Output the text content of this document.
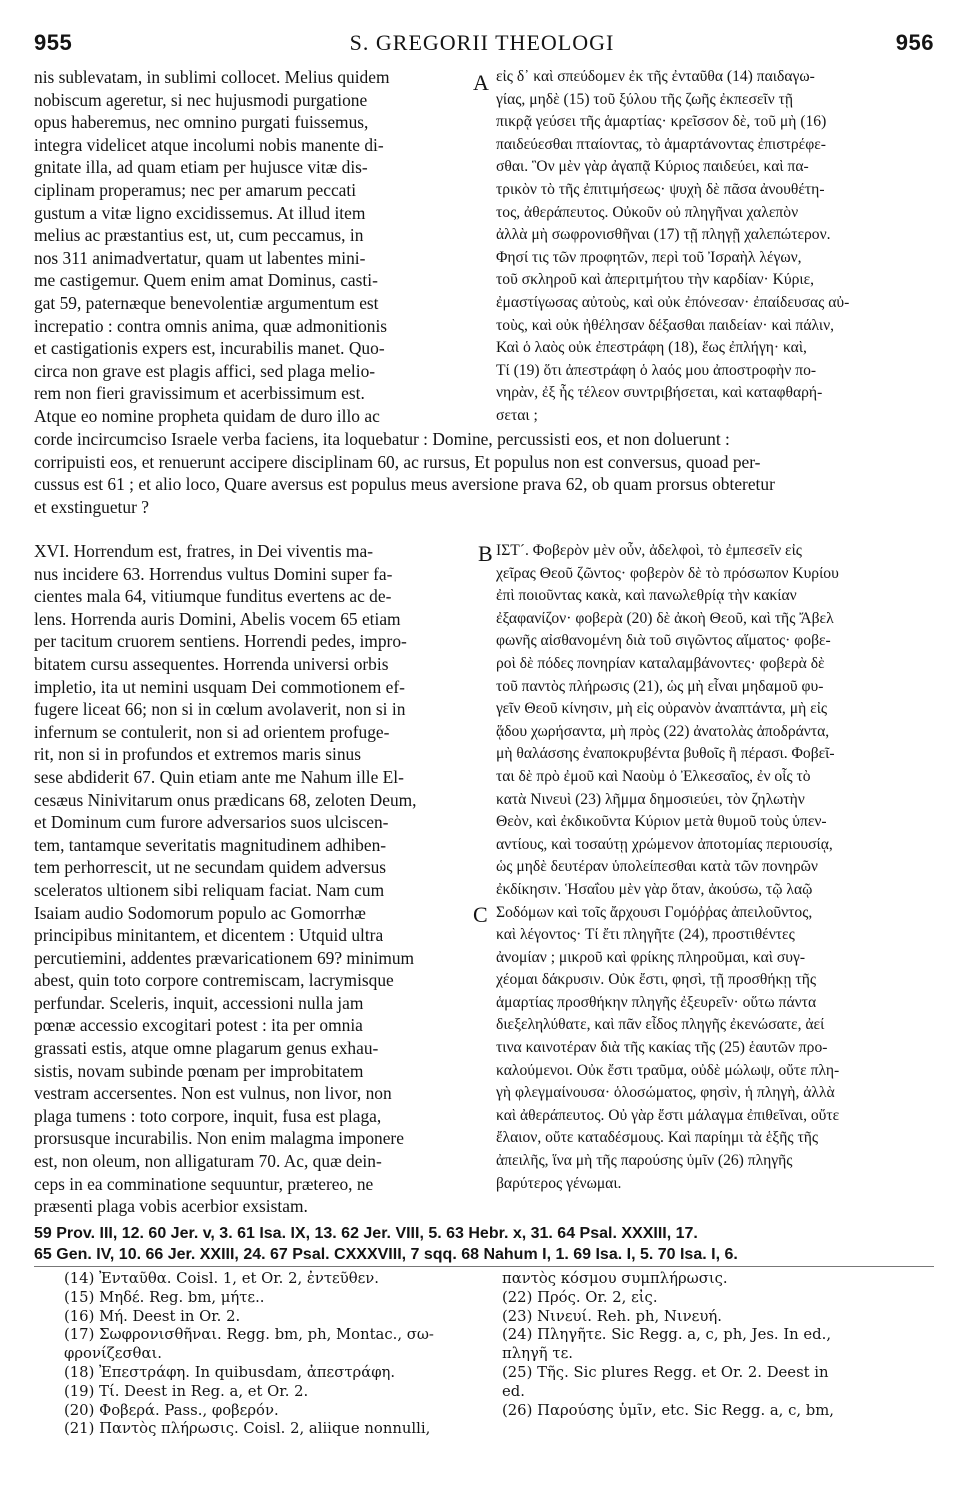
955	S. GREGORII THEOLOGI	956
nis sublevatam, in sublimi collocet. Melius quidem
nobiscum ageretur, si nec hujusmodi purgatione
opus haberemus, nec omnino purgati fuissemus,
integra videlicet atque incolumi nobis manente di-
gnitate illa, ad quam etiam per hujusce vitæ dis-
ciplinam properamus; nec per amarum peccati
gustum a vitæ ligno excidissemus. At illud item
melius ac præstantius est, ut, cum peccamus, in
nos 311 animadvertatur, quam ut labentes mini-
me castigemur. Quem enim amat Dominus, casti-
gat 59, paternæque benevolentiæ argumentum est
increpatio : contra omnis anima, quæ admonitionis
et castigationis expers est, incurabilis manet. Quo-
circa non grave est plagis affici, sed plaga melio-
rem non fieri gravissimum et acerbissimum est.
Atque eo nomine propheta quidam de duro illo ac
εἰς δ᾽ καὶ σπεύδομεν ἐκ τῆς ἐνταῦθα (14) παιδαγω-
γίας, μηδὲ (15) τοῦ ξύλου τῆς ζωῆς ἐκπεσεῖν τῇ
πικρᾷ γεύσει τῆς ἁμαρτίας· κρεῖσσον δὲ, τοῦ μὴ (16)
παιδεύεσθαι πταίοντας, τὸ ἁμαρτάνοντας ἐπιστρέφε-
σθαι. Ὃν μὲν γὰρ ἀγαπᾷ Κύριος παιδεύει, καὶ πα-
τρικὸν τὸ τῆς ἐπιτιμήσεως· ψυχὴ δὲ πᾶσα ἀνουθέτη-
τος, ἀθεράπευτος. Οὐκοῦν οὐ πληγῆναι χαλεπὸν
ἀλλὰ μὴ σωφρονισθῆναι (17) τῇ πληγῇ χαλεπώτερον.
Φησί τις τῶν προφητῶν, περὶ τοῦ Ἰσραὴλ λέγων,
τοῦ σκληροῦ καὶ ἀπεριτμήτου τὴν καρδίαν· Κύριε,
ἐμαστίγωσας αὐτοὺς, καὶ οὐκ ἐπόνεσαν· ἐπαίδευσας αὐ-
τοὺς, καὶ οὐκ ἠθέλησαν δέξασθαι παιδείαν· καὶ πάλιν,
Καὶ ὁ λαὸς οὐκ ἐπεστράφη (18), ἕως ἐπλήγη· καὶ,
Τί (19) ὅτι ἀπεστράφη ὁ λαός μου ἀποστροφὴν πο-
νηρὰν, ἐξ ἧς τέλεον συντριβήσεται, καὶ καταφθαρή-
σεται ;
A
corde incircumciso Israele verba faciens, ita loquebatur : Domine, percussisti eos, et non doluerunt :
corripuisti eos, et renuerunt accipere disciplinam 60, ac rursus, Et populus non est conversus, quoad per-
cussus est 61 ; et alio loco, Quare aversus est populus meus aversione prava 62, ob quam prorsus obteretur
et exstinguetur ?
XVI. Horrendum est, fratres, in Dei viventis ma-
nus incidere 63. Horrendus vultus Domini super fa-
cientes mala 64, vitiumque funditus evertens ac de-
lens. Horrenda auris Domini, Abelis vocem 65 etiam
per tacitum cruorem sentiens. Horrendi pedes, impro-
bitatem cursu assequentes. Horrenda universi orbis
impletio, ita ut nemini usquam Dei commotionem ef-
fugere liceat 66; non si in cœlum avolaverit, non si in
infernum se contulerit, non si ad orientem profuge-
rit, non si in profundos et extremos maris sinus
sese abdiderit 67. Quin etiam ante me Nahum ille El-
cesæus Ninivitarum onus prædicans 68, zeloten Deum,
et Dominum cum furore adversarios suos ulciscen-
tem, tantamque severitatis magnitudinem adhiben-
tem perhorrescit, ut ne secundam quidem adversus
sceleratos ultionem sibi reliquam faciat. Nam cum
Isaiam audio Sodomorum populo ac Gomorrhæ
principibus minitantem, et dicentem : Utquid ultra
percutiemini, addentes prævaricationem 69? minimum
abest, quin toto corpore contremiscam, lacrymisque
perfundar. Sceleris, inquit, accessioni nulla jam
pœnæ accessio excogitari potest : ita per omnia
grassati estis, atque omne plagarum genus exhau-
sistis, novam subinde pœnam per improbitatem
vestram accersentes. Non est vulnus, non livor, non
plaga tumens : toto corpore, inquit, fusa est plaga,
prorsusque incurabilis. Non enim malagma imponere
est, non oleum, non alligaturam 70. Ac, quæ dein-
ceps in ea comminatione sequuntur, prætereo, ne
præsenti plaga vobis acerbior exsistam.
ΙΣΤ´. Φοβερὸν μὲν οὖν, ἀδελφοὶ, τὸ ἐμπεσεῖν εἰς
χεῖρας Θεοῦ ζῶντος· φοβερὸν δὲ τὸ πρόσωπον Κυρίου
ἐπὶ ποιοῦντας κακὰ, καὶ πανωλεθρίᾳ τὴν κακίαν
ἐξαφανίζον· φοβερὰ (20) δὲ ἀκοὴ Θεοῦ, καὶ τῆς Ἄβελ
φωνῆς αἰσθανομένη διὰ τοῦ σιγῶντος αἵματος· φοβε-
ροὶ δὲ πόδες πονηρίαν καταλαμβάνοντες· φοβερὰ δὲ
τοῦ παντὸς πλήρωσις (21), ὡς μὴ εἶναι μηδαμοῦ φυ-
γεῖν Θεοῦ κίνησιν, μὴ εἰς οὐρανὸν ἀναπτάντα, μὴ εἰς
ᾅδου χωρήσαντα, μὴ πρὸς (22) ἀνατολὰς ἀποδράντα,
μὴ θαλάσσης ἐναποκρυβέντα βυθοῖς ἢ πέρασι. Φοβεῖ-
ται δὲ πρὸ ἐμοῦ καὶ Ναοὺμ ὁ Ἐλκεσαῖος, ἐν οἷς τὸ
κατὰ Νινευὶ (23) λῆμμα δημοσιεύει, τὸν ζηλωτὴν
Θεὸν, καὶ ἐκδικοῦντα Κύριον μετὰ θυμοῦ τοὺς ὑπεν-
αντίους, καὶ τοσαύτῃ χρώμενον ἀποτομίας περιουσίᾳ,
ὡς μηδὲ δευτέραν ὑπολείπεσθαι κατὰ τῶν πονηρῶν
ἐκδίκησιν. Ἡσαΐου μὲν γὰρ ὅταν, ἀκούσω, τῷ λαῷ
Σοδόμων καὶ τοῖς ἄρχουσι Γομόῤῥας ἀπειλοῦντος,
καὶ λέγοντος· Τί ἔτι πληγῆτε (24), προστιθέντες
ἀνομίαν ; μικροῦ καὶ φρίκης πληροῦμαι, καὶ συγ-
χέομαι δάκρυσιν. Οὐκ ἔστι, φησὶ, τῇ προσθήκῃ τῆς
ἁμαρτίας προσθήκην πληγῆς ἐξευρεῖν· οὕτω πάντα
διεξεληλύθατε, καὶ πᾶν εἶδος πληγῆς ἐκενώσατε, ἀεί
τινα καινοτέραν διὰ τῆς κακίας τῆς (25) ἑαυτῶν προ-
καλούμενοι. Οὐκ ἔστι τραῦμα, οὐδὲ μώλωψ, οὔτε πλη-
γὴ φλεγμαίνουσα· ὁλοσώματος, φησὶν, ἡ πληγὴ, ἀλλὰ
καὶ ἀθεράπευτος. Οὐ γὰρ ἔστι μάλαγμα ἐπιθεῖναι, οὔτε
ἔλαιον, οὔτε καταδέσμους. Καὶ παρίημι τὰ ἑξῆς τῆς
ἀπειλῆς, ἵνα μὴ τῆς παρούσης ὑμῖν (26) πληγῆς
βαρύτερος γένωμαι.
B
C
59 Prov. III, 12. 60 Jer. v, 3. 61 Isa. IX, 13. 62 Jer. VIII, 5. 63 Hebr. x, 31. 64 Psal. XXXIII, 17.
65 Gen. IV, 10. 66 Jer. XXIII, 24. 67 Psal. CXXXVIII, 7 sqq. 68 Nahum I, 1. 69 Isa. I, 5. 70 Isa. I, 6.
(14) Ἐνταῦθα. Coisl. 1, et Or. 2, ἐντεῦθεν.
(15) Μηδέ. Reg. bm, μήτε..
(16) Μή. Deest in Or. 2.
(17) Σωφρονισθῆναι. Regg. bm, ph, Montac., σω-
φρονίζεσθαι.
(18) Ἐπεστράφη. In quibusdam, ἀπεστράφη.
(19) Τί. Deest in Reg. a, et Or. 2.
(20) Φοβερά. Pass., φοβερόν.
(21) Παντὸς πλήρωσις. Coisl. 2, aliique nonnulli,
παντὸς κόσμου συμπλήρωσις.
(22) Πρός. Or. 2, εἰς.
(23) Νινευί. Reh. ph, Νινευή.
(24) Πληγῆτε. Sic Regg. a, c, ph, Jes. In ed.,
πληγῆ τε.
(25) Τῆς. Sic plures Regg. et Or. 2. Deest in
ed.
(26) Παρούσης ὑμῖν, etc. Sic Regg. a, c, bm,
